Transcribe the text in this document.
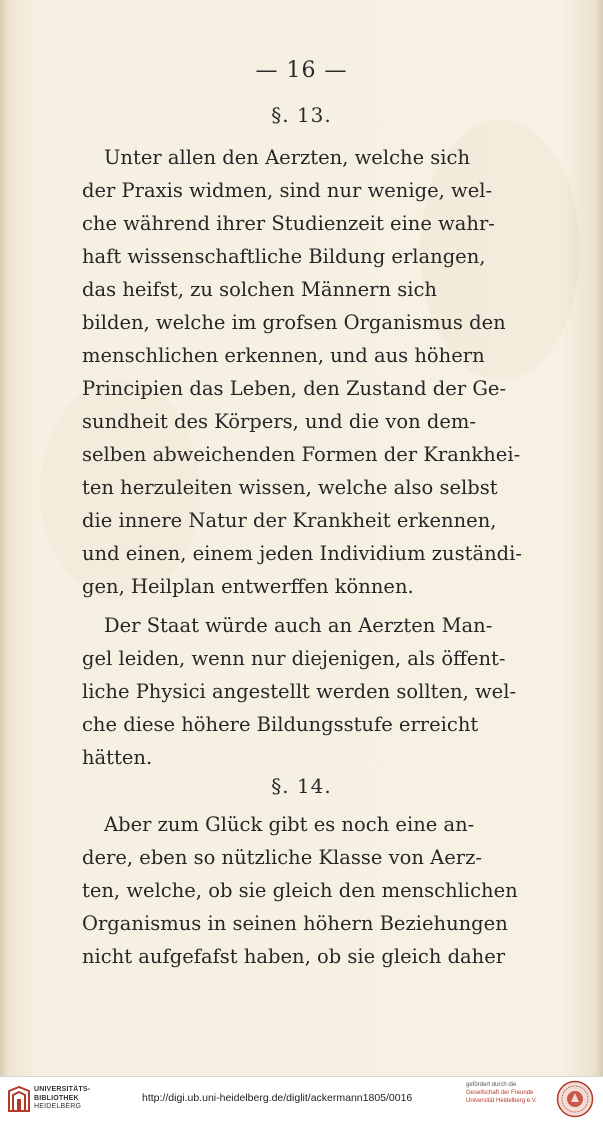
— 16 —
§. 13.

Unter allen den Aerzten, welche sich
der Praxis widmen, sind nur wenige, wel-
che während ihrer Studienzeit eine wahr-
haft wissenschaftliche Bildung erlangen,
das heifst, zu solchen Männern sich
bilden, welche im grofsen Organismus den
menschlichen erkennen, und aus höhern
Principien das Leben, den Zustand der Ge-
sundheit des Körpers, und die von dem-
selben abweichenden Formen der Krankhei-
ten herzuleiten wissen, welche also selbst
die innere Natur der Krankheit erkennen,
und einen, einem jeden Individium zuständi-
gen, Heilplan entwerffen können.

Der Staat würde auch an Aerzten Man-
gel leiden, wenn nur diejenigen, als öffent-
liche Physici angestellt werden sollten, wel-
che diese höhere Bildungsstufe erreicht
hätten.

§. 14.

Aber zum Glück gibt es noch eine an-
dere, eben so nützliche Klasse von Aerz-
ten, welche, ob sie gleich den menschlichen
Organismus in seinen höhern Beziehungen
nicht aufgefafst haben, ob sie gleich daher

UNIVERSITÄTS-
BIBLIOTHEK
HEIDELBERG
http://digi.ub.uni-heidelberg.de/diglit/ackermann1805/0016
gefördert durch die
Gesellschaft der Freunde
Universität Heidelberg e.V.
